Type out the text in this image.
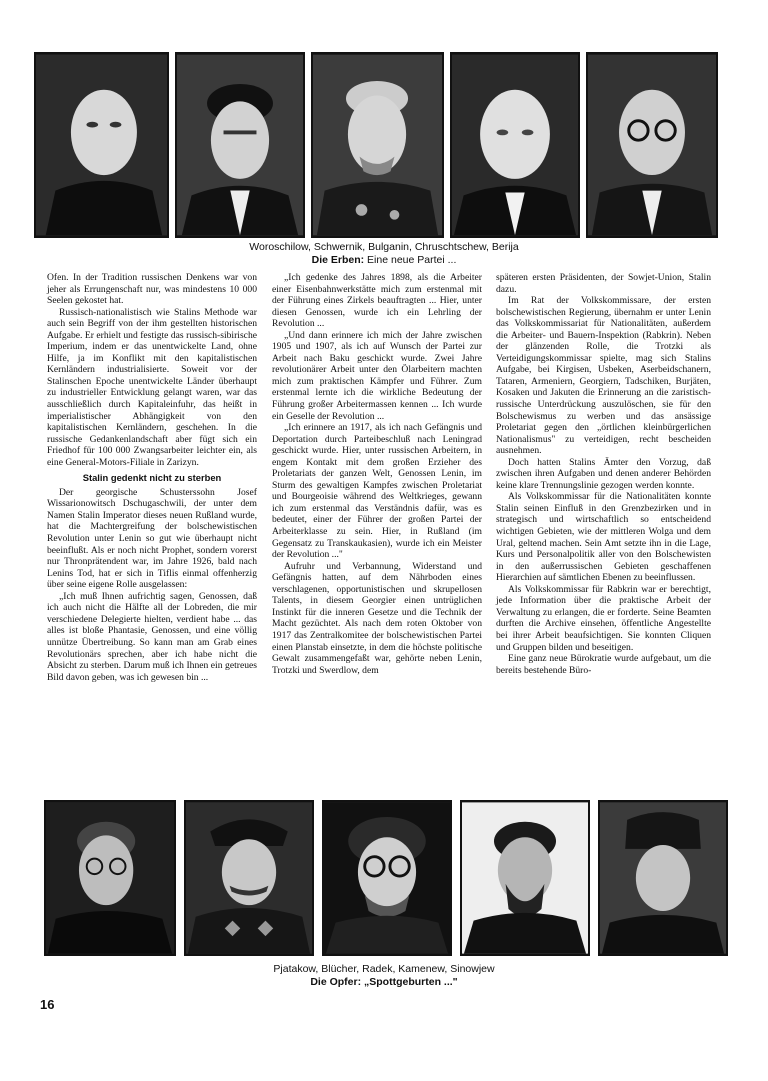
Woroschilow, Schwernik, Bulganin, Chruschtschew, Berija
Die Erben: Eine neue Partei ...

Ofen. In der Tradition russischen Denkens war von jeher als Errungenschaft nur, was mindestens 10 000 Seelen gekostet hat.

Russisch-nationalistisch wie Stalins Methode war auch sein Begriff von der ihm gestellten historischen Aufgabe. Er erhielt und festigte das russisch-sibirische Imperium, indem er das unentwickelte Land, ohne Hilfe, ja im Konflikt mit den kapitalistischen Kernländern industrialisierte. Soweit vor der Stalinschen Epoche unentwickelte Länder überhaupt zu industrieller Entwicklung gelangt waren, war das ausschließlich durch Kapitaleinfuhr, das heißt in imperialistischer Abhängigkeit von den kapitalistischen Kernländern, geschehen. In die russische Gedankenlandschaft aber fügt sich ein Friedhof für 100 000 Zwangsarbeiter leichter ein, als eine General-Motors-Filiale in Zarizyn.

Stalin gedenkt nicht zu sterben

Der georgische Schusterssohn Josef Wissarionowitsch Dschugaschwili, der unter dem Namen Stalin Imperator dieses neuen Rußland wurde, hat die Machtergreifung der bolschewistischen Revolution unter Lenin so gut wie überhaupt nicht beeinflußt. Als er noch nicht Prophet, sondern vorerst nur Thronprätendent war, im Jahre 1926, bald nach Lenins Tod, hat er sich in Tiflis einmal offenherzig über seine eigene Rolle ausgelassen:

„Ich muß Ihnen aufrichtig sagen, Genossen, daß ich auch nicht die Hälfte all der Lobreden, die mir verschiedene Delegierte hielten, verdient habe ... das alles ist bloße Phantasie, Genossen, und eine völlig unnütze Übertreibung. So kann man am Grab eines Revolutionärs sprechen, aber ich habe nicht die Absicht zu sterben. Darum muß ich Ihnen ein getreues Bild davon geben, was ich gewesen bin ...

„Ich gedenke des Jahres 1898, als die Arbeiter einer Eisenbahnwerkstätte mich zum erstenmal mit der Führung eines Zirkels beauftragten ... Hier, unter diesen Genossen, wurde ich ein Lehrling der Revolution ...

„Und dann erinnere ich mich der Jahre zwischen 1905 und 1907, als ich auf Wunsch der Partei zur Arbeit nach Baku geschickt wurde. Zwei Jahre revolutionärer Arbeit unter den Ölarbeitern machten mich zum praktischen Kämpfer und Führer. Zum erstenmal lernte ich die wirkliche Bedeutung der Führung großer Arbeitermassen kennen ... Ich wurde ein Geselle der Revolution ...

„Ich erinnere an 1917, als ich nach Gefängnis und Deportation durch Parteibeschluß nach Leningrad geschickt wurde. Hier, unter russischen Arbeitern, in engem Kontakt mit dem großen Erzieher des Proletariats der ganzen Welt, Genossen Lenin, im Sturm des gewaltigen Kampfes zwischen Proletariat und Bourgeoisie während des Weltkrieges, gewann ich zum erstenmal das Verständnis dafür, was es bedeutet, einer der Führer der großen Partei der Arbeiterklasse zu sein. Hier, in Rußland (im Gegensatz zu Transkaukasien), wurde ich ein Meister der Revolution ..."

Aufruhr und Verbannung, Widerstand und Gefängnis hatten, auf dem Nährboden eines verschlagenen, opportunistischen und skrupellosen Talents, in diesem Georgier einen untrüglichen Instinkt für die inneren Gesetze und die Technik der Macht gezüchtet. Als nach dem roten Oktober von 1917 das Zentralkomitee der bolschewistischen Partei einen Planstab einsetzte, in dem die höchste politische Gewalt zusammengefaßt war, gehörte neben Lenin, Trotzki und Swerdlow, dem

späteren ersten Präsidenten, der Sowjet-Union, Stalin dazu.

Im Rat der Volkskommissare, der ersten bolschewistischen Regierung, übernahm er unter Lenin das Volkskommissariat für Nationalitäten, außerdem die Arbeiter- und Bauern-Inspektion (Rabkrin). Neben der glänzenden Rolle, die Trotzki als Verteidigungskommissar spielte, mag sich Stalins Aufgabe, bei Kirgisen, Usbeken, Aserbeidschanern, Tataren, Armeniern, Georgiern, Tadschiken, Burjäten, Kosaken und Jakuten die Erinnerung an die zaristisch-russische Unterdrückung auszulöschen, sie für den Bolschewismus zu werben und das ansässige Proletariat gegen den „örtlichen kleinbürgerlichen Nationalismus" zu verteidigen, recht bescheiden ausnehmen.

Doch hatten Stalins Ämter den Vorzug, daß zwischen ihren Aufgaben und denen anderer Behörden keine klare Trennungslinie gezogen werden konnte.

Als Volkskommissar für die Nationalitäten konnte Stalin seinen Einfluß in den Grenzbezirken und in strategisch und wirtschaftlich so entscheidend wichtigen Gebieten, wie der mittleren Wolga und dem Ural, geltend machen. Sein Amt setzte ihn in die Lage, Kurs und Personalpolitik aller von den Bolschewisten in den außerrussischen Gebieten geschaffenen Hierarchien auf sämtlichen Ebenen zu beeinflussen.

Als Volkskommissar für Rabkrin war er berechtigt, jede Information über die praktische Arbeit der Verwaltung zu erlangen, die er forderte. Seine Beamten durften die Archive einsehen, öffentliche Angestellte bei ihrer Arbeit beaufsichtigen. Sie konnten Cliquen und Gruppen bilden und beseitigen.

Eine ganz neue Bürokratie wurde aufgebaut, um die bereits bestehende Büro-

Pjatakow, Blücher, Radek, Kamenew, Sinowjew
Die Opfer: „Spottgeburten ..."
16
